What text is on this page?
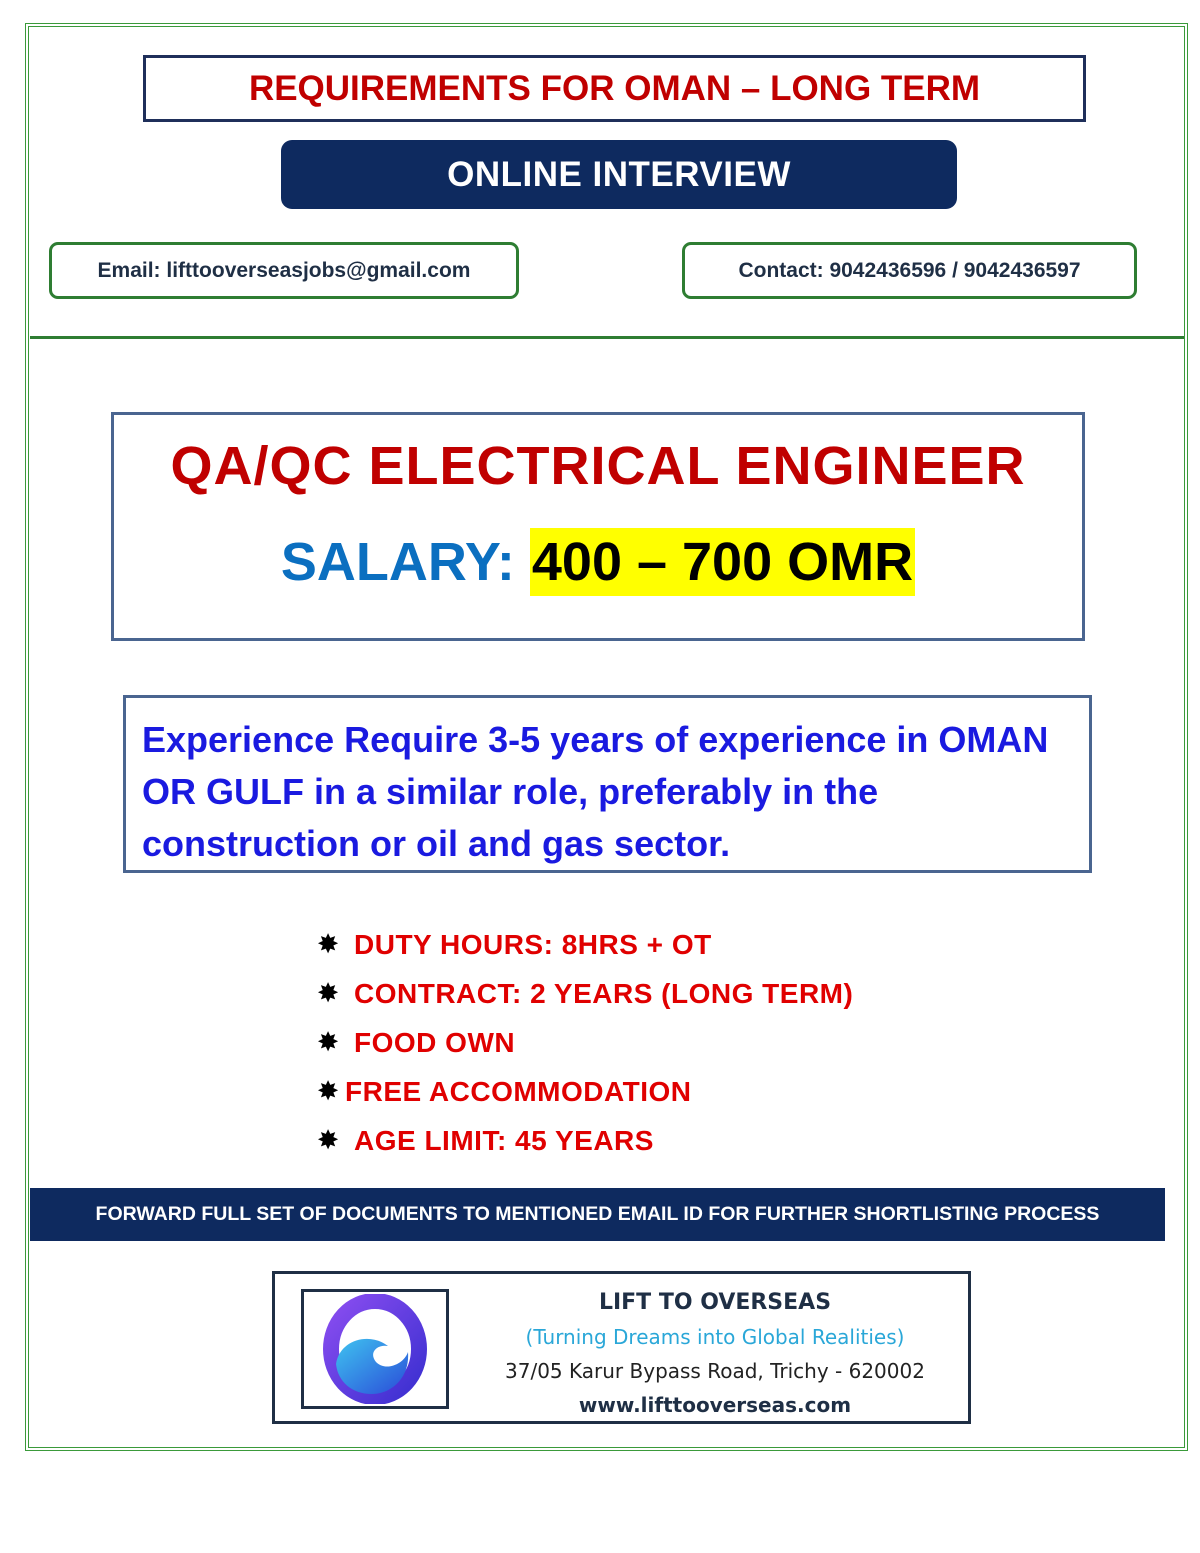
REQUIREMENTS FOR OMAN – LONG TERM
ONLINE INTERVIEW
Email: lifttooverseasjobs@gmail.com	Contact: 9042436596 / 9042436597
QA/QC ELECTRICAL ENGINEER
SALARY: 400 – 700 OMR
Experience Require 3-5 years of experience in OMAN OR GULF in a similar role, preferably in the construction or oil and gas sector.
✸ DUTY HOURS: 8HRS + OT
✸ CONTRACT: 2 YEARS (LONG TERM)
✸ FOOD OWN
✸ FREE ACCOMMODATION
✸ AGE LIMIT: 45 YEARS
FORWARD FULL SET OF DOCUMENTS TO MENTIONED EMAIL ID FOR FURTHER SHORTLISTING PROCESS
LIFT TO OVERSEAS
(Turning Dreams into Global Realities)
37/05 Karur Bypass Road, Trichy - 620002
www.lifttooverseas.com
